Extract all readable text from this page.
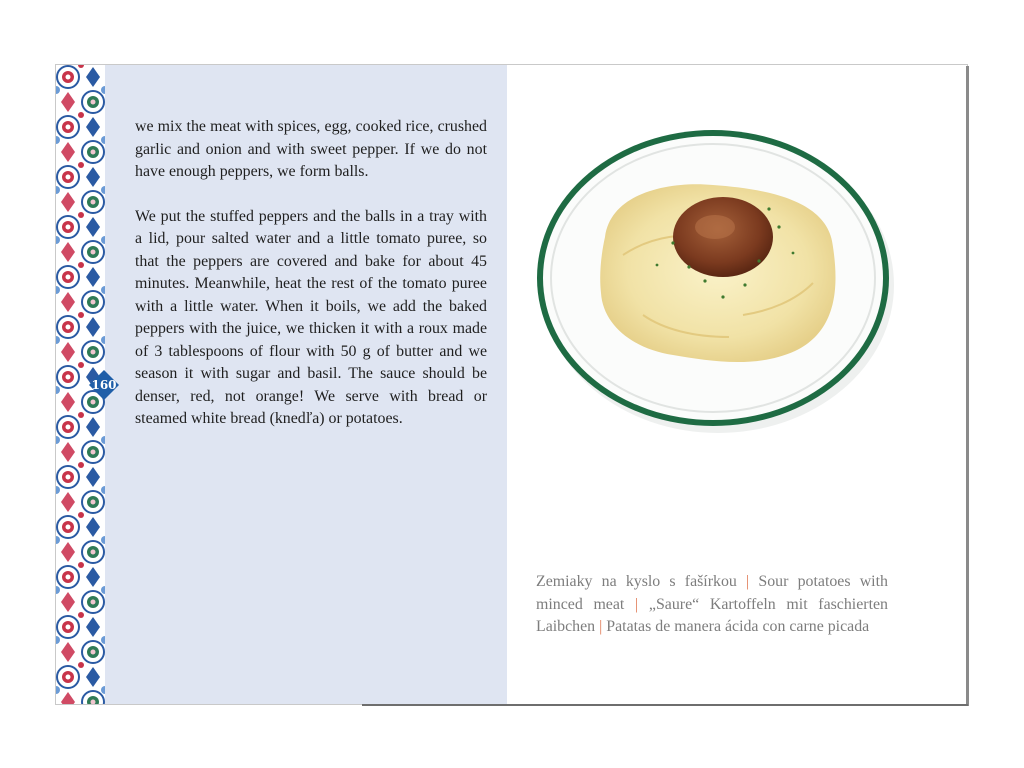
160

we mix the meat with spices, egg, cooked rice, crushed garlic and onion and with sweet pepper. If we do not have enough peppers, we form balls.

We put the stuffed peppers and the balls in a tray with a lid, pour salted water and a little tomato puree, so that the peppers are covered and bake for about 45 minutes. Meanwhile, heat the rest of the tomato puree with a little water. When it boils, we add the baked peppers with the juice, we thicken it with a roux made of 3 tablespoons of flour with 50 g of butter and we season it with sugar and basil. The sauce should be denser, red, not orange! We serve with bread or steamed white bread (knedľa) or potatoes.

Zemiaky na kyslo s fašírkou | Sour potatoes with minced meat | „Saure“ Kartoffeln mit faschierten Laibchen | Patatas de manera ácida con carne picada
